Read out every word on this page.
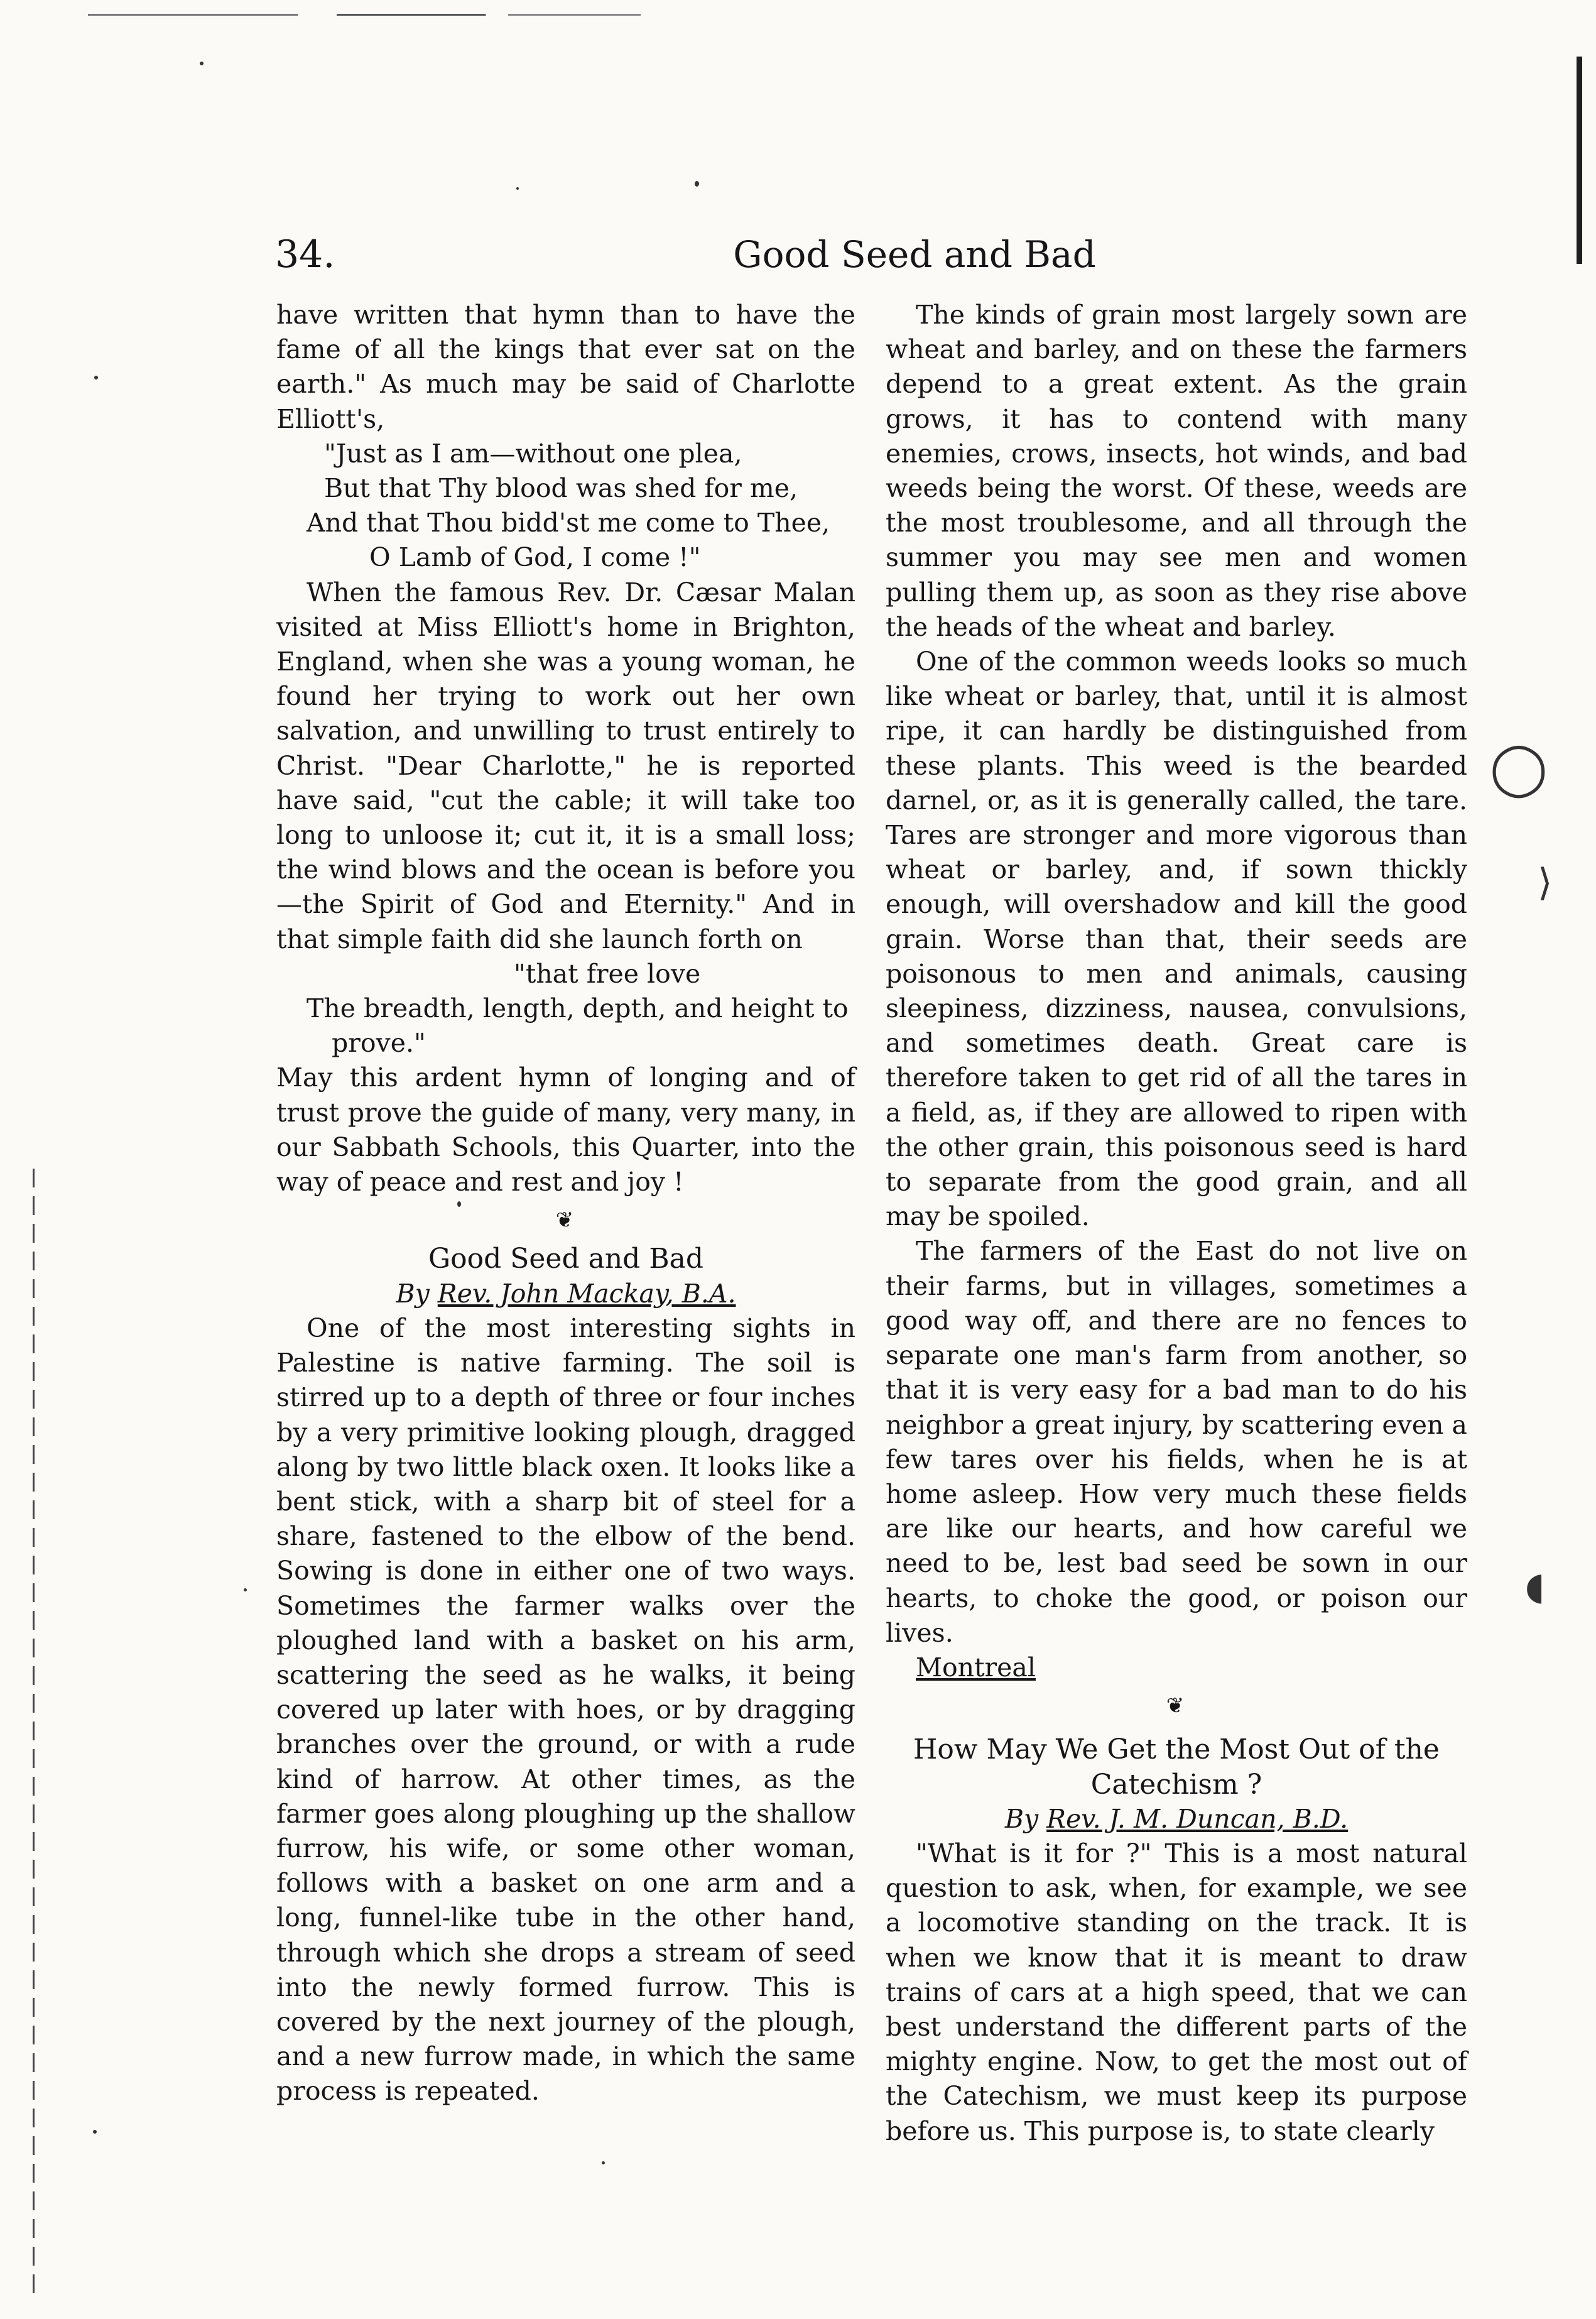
◯
⟩
◖
34.	Good Seed and Bad

have written that hymn than to have the fame of all the kings that ever sat on the earth." As much may be said of Charlotte Elliott's,

"Just as I am—without one plea,
But that Thy blood was shed for me,
And that Thou bidd'st me come to Thee,
O Lamb of God, I come !"

When the famous Rev. Dr. Cæsar Malan visited at Miss Elliott's home in Brighton, England, when she was a young woman, he found her trying to work out her own salvation, and unwilling to trust entirely to Christ. "Dear Charlotte," he is reported have said, "cut the cable; it will take too long to unloose it; cut it, it is a small loss; the wind blows and the ocean is before you—the Spirit of God and Eternity." And in that simple faith did she launch forth on

"that free love
The breadth, length, depth, and height to
prove."

May this ardent hymn of longing and of trust prove the guide of many, very many, in our Sabbath Schools, this Quarter, into the way of peace and rest and joy !

❦
Good Seed and Bad
By Rev. John Mackay, B.A.

One of the most interesting sights in Palestine is native farming. The soil is stirred up to a depth of three or four inches by a very primitive looking plough, dragged along by two little black oxen. It looks like a bent stick, with a sharp bit of steel for a share, fastened to the elbow of the bend. Sowing is done in either one of two ways. Sometimes the farmer walks over the ploughed land with a basket on his arm, scattering the seed as he walks, it being covered up later with hoes, or by dragging branches over the ground, or with a rude kind of harrow. At other times, as the farmer goes along ploughing up the shallow furrow, his wife, or some other woman, follows with a basket on one arm and a long, funnel-like tube in the other hand, through which she drops a stream of seed into the newly formed furrow. This is covered by the next journey of the plough, and a new furrow made, in which the same process is repeated.

The kinds of grain most largely sown are wheat and barley, and on these the farmers depend to a great extent. As the grain grows, it has to contend with many enemies, crows, insects, hot winds, and bad weeds being the worst. Of these, weeds are the most troublesome, and all through the summer you may see men and women pulling them up, as soon as they rise above the heads of the wheat and barley.

One of the common weeds looks so much like wheat or barley, that, until it is almost ripe, it can hardly be distinguished from these plants. This weed is the bearded darnel, or, as it is generally called, the tare. Tares are stronger and more vigorous than wheat or barley, and, if sown thickly enough, will overshadow and kill the good grain. Worse than that, their seeds are poisonous to men and animals, causing sleepiness, dizziness, nausea, convulsions, and sometimes death. Great care is therefore taken to get rid of all the tares in a field, as, if they are allowed to ripen with the other grain, this poisonous seed is hard to separate from the good grain, and all may be spoiled.

The farmers of the East do not live on their farms, but in villages, sometimes a good way off, and there are no fences to separate one man's farm from another, so that it is very easy for a bad man to do his neighbor a great injury, by scattering even a few tares over his fields, when he is at home asleep. How very much these fields are like our hearts, and how careful we need to be, lest bad seed be sown in our hearts, to choke the good, or poison our lives.

Montreal
❦
How May We Get the Most Out of the Catechism ?
By Rev. J. M. Duncan, B.D.

"What is it for ?" This is a most natural question to ask, when, for example, we see a locomotive standing on the track. It is when we know that it is meant to draw trains of cars at a high speed, that we can best understand the different parts of the mighty engine. Now, to get the most out of the Catechism, we must keep its purpose before us. This purpose is, to state clearly
